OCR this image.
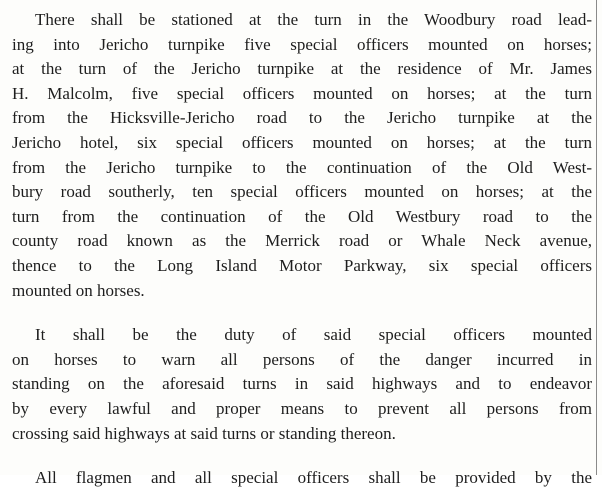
There shall be stationed at the turn in the Woodbury road lead-
ing into Jericho turnpike five special officers mounted on horses;
at the turn of the Jericho turnpike at the residence of Mr. James
H. Malcolm, five special officers mounted on horses; at the turn
from the Hicksville-Jericho road to the Jericho turnpike at the
Jericho hotel, six special officers mounted on horses; at the turn
from the Jericho turnpike to the continuation of the Old West-
bury road southerly, ten special officers mounted on horses; at the
turn from the continuation of the Old Westbury road to the
county road known as the Merrick road or Whale Neck avenue,
thence to the Long Island Motor Parkway, six special officers
mounted on horses.

It shall be the duty of said special officers mounted
on horses to warn all persons of the danger incurred in
standing on the aforesaid turns in said highways and to endeavor
by every lawful and proper means to prevent all persons from
crossing said highways at said turns or standing thereon.

All flagmen and all special officers shall be provided by the
